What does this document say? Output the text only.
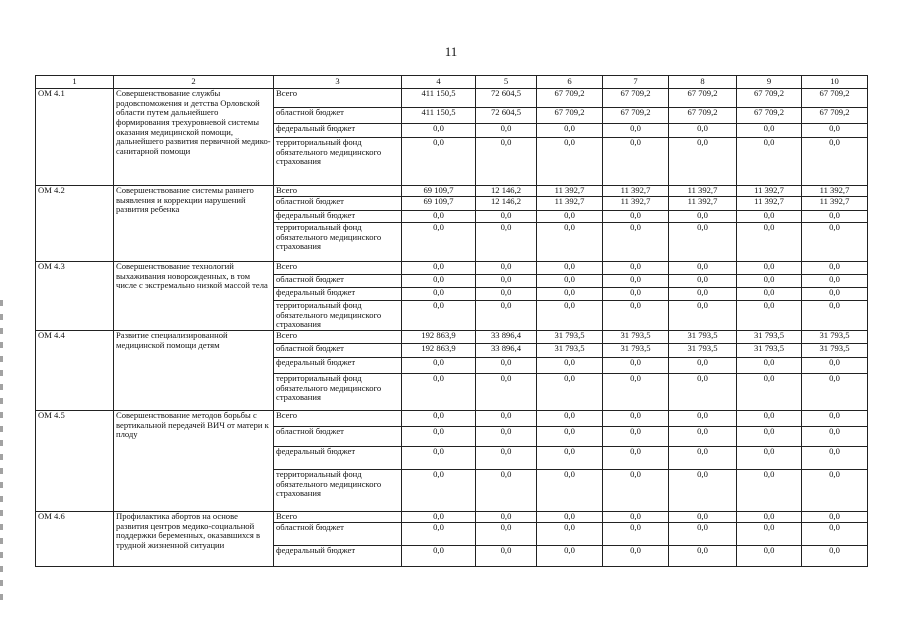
11
1	2	3	4	5	6	7	8	9	10
ОМ 4.1	Совершенствование службы родовспоможения и детства Орловской области путем дальнейшего формирования трехуровневой системы оказания медицинской помощи, дальнейшего развития первичной медико-санитарной помощи	Всего	411 150,5	72 604,5	67 709,2	67 709,2	67 709,2	67 709,2	67 709,2
		областной бюджет	411 150,5	72 604,5	67 709,2	67 709,2	67 709,2	67 709,2	67 709,2
		федеральный бюджет	0,0	0,0	0,0	0,0	0,0	0,0	0,0
		территориальный фонд обязательного медицинского страхования	0,0	0,0	0,0	0,0	0,0	0,0	0,0
ОМ 4.2	Совершенствование системы раннего выявления и коррекции нарушений развития ребенка	Всего	69 109,7	12 146,2	11 392,7	11 392,7	11 392,7	11 392,7	11 392,7
		областной бюджет	69 109,7	12 146,2	11 392,7	11 392,7	11 392,7	11 392,7	11 392,7
		федеральный бюджет	0,0	0,0	0,0	0,0	0,0	0,0	0,0
		территориальный фонд обязательного медицинского страхования	0,0	0,0	0,0	0,0	0,0	0,0	0,0
ОМ 4.3	Совершенствование технологий выхаживания новорожденных, в том числе с экстремально низкой массой тела	Всего	0,0	0,0	0,0	0,0	0,0	0,0	0,0
		областной бюджет	0,0	0,0	0,0	0,0	0,0	0,0	0,0
		федеральный бюджет	0,0	0,0	0,0	0,0	0,0	0,0	0,0
		территориальный фонд обязательного медицинского страхования	0,0	0,0	0,0	0,0	0,0	0,0	0,0
ОМ 4.4	Развитие специализированной медицинской помощи детям	Всего	192 863,9	33 896,4	31 793,5	31 793,5	31 793,5	31 793,5	31 793,5
		областной бюджет	192 863,9	33 896,4	31 793,5	31 793,5	31 793,5	31 793,5	31 793,5
		федеральный бюджет	0,0	0,0	0,0	0,0	0,0	0,0	0,0
		территориальный фонд обязательного медицинского страхования	0,0	0,0	0,0	0,0	0,0	0,0	0,0
ОМ 4.5	Совершенствование методов борьбы с вертикальной передачей ВИЧ от матери к плоду	Всего	0,0	0,0	0,0	0,0	0,0	0,0	0,0
		областной бюджет	0,0	0,0	0,0	0,0	0,0	0,0	0,0
		федеральный бюджет	0,0	0,0	0,0	0,0	0,0	0,0	0,0
		территориальный фонд обязательного медицинского страхования	0,0	0,0	0,0	0,0	0,0	0,0	0,0
ОМ 4.6	Профилактика абортов на основе развития центров медико-социальной поддержки беременных, оказавшихся в трудной жизненной ситуации	Всего	0,0	0,0	0,0	0,0	0,0	0,0	0,0
		областной бюджет	0,0	0,0	0,0	0,0	0,0	0,0	0,0
		федеральный бюджет	0,0	0,0	0,0	0,0	0,0	0,0	0,0
